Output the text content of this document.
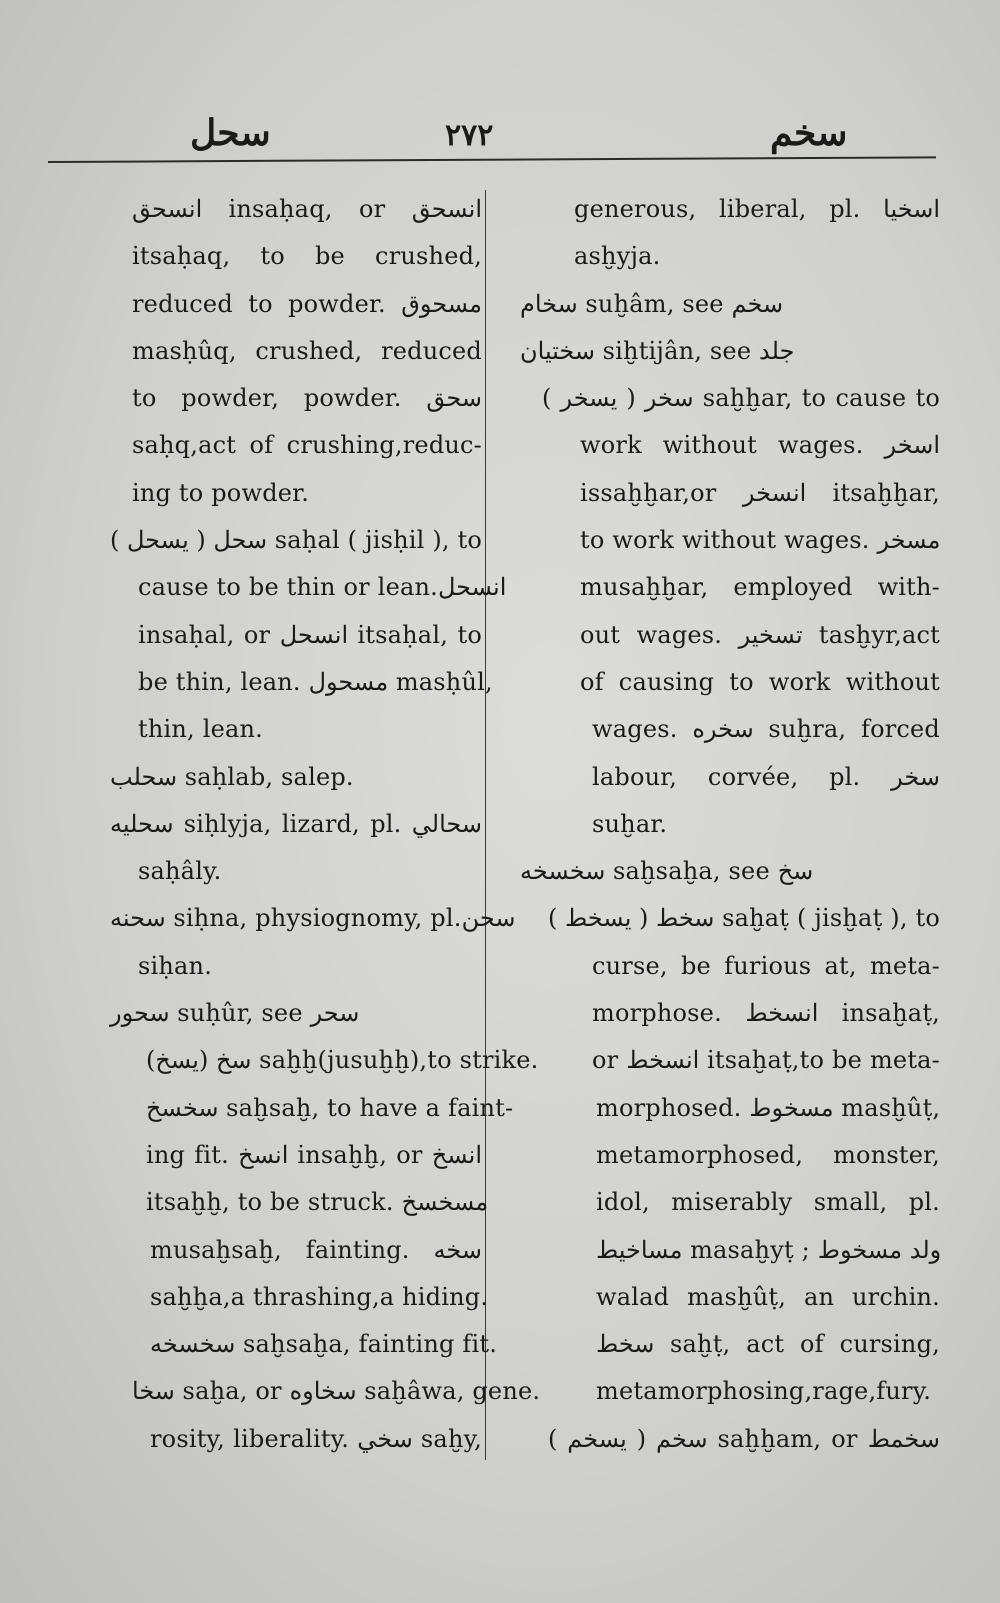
سحل	٢٧٢	سخم
انسحق insaḥaq, or انسحق
itsaḥaq, to be crushed,
reduced to powder. مسحوق
masḥûq, crushed, reduced
to powder, powder. سحق
saḥq,act of crushing,reduc-
ing to powder.
سحل ( يسحل ) saḥal ( jisḥil ), to
cause to be thin or lean.انسحل
insaḥal, or انسحل itsaḥal, to
be thin, lean. مسحول masḥûl,
thin, lean.
سحلب saḥlab, salep.
سحليه siḥlyja, lizard, pl. سحالي
saḥâly.
سحنه siḥna, physiognomy, pl.سحن
siḥan.
سحور suḥûr, see سحر
سخ (يسخ) saḫḫ(jusuḫḫ),to strike.
سخسخ saḫsaḫ, to have a faint-
ing fit. انسخ insaḫḫ, or انسخ
itsaḫḫ, to be struck. مسخسخ
musaḫsaḫ, fainting. سخه
saḫḫa,a thrashing,a hiding.
سخسخه saḫsaḫa, fainting fit.
سخا saḫa, or سخاوه saḫâwa, gene.
rosity, liberality. سخي saḫy,
generous, liberal, pl. اسخيا
asḫyja.
سخام suḫâm, see سخم
سختيان siḫtijân, see جلد
سخر ( يسخر ) saḫḫar, to cause to
work without wages. اسخر
issaḫḫar,or انسخر itsaḫḫar,
to work without wages. مسخر
musaḫḫar, employed with-
out wages. تسخير tasḫyr,act
of causing to work without
wages. سخره suḫra, forced
labour, corvée, pl. سخر
suḫar.
سخسخه saḫsaḫa, see سخ
سخط ( يسخط ) saḫaṭ ( jisḫaṭ ), to
curse, be furious at, meta-
morphose. انسخط insaḫaṭ,
or انسخط itsaḫaṭ,to be meta-
morphosed. مسخوط masḫûṭ,
metamorphosed, monster,
idol, miserably small, pl.
مساخيط masaḫyṭ ; ولد مسخوط
walad masḫûṭ, an urchin.
سخط saḫṭ, act of cursing,
metamorphosing,rage,fury.
سخم ( يسخم ) saḫḫam, or سخمط
